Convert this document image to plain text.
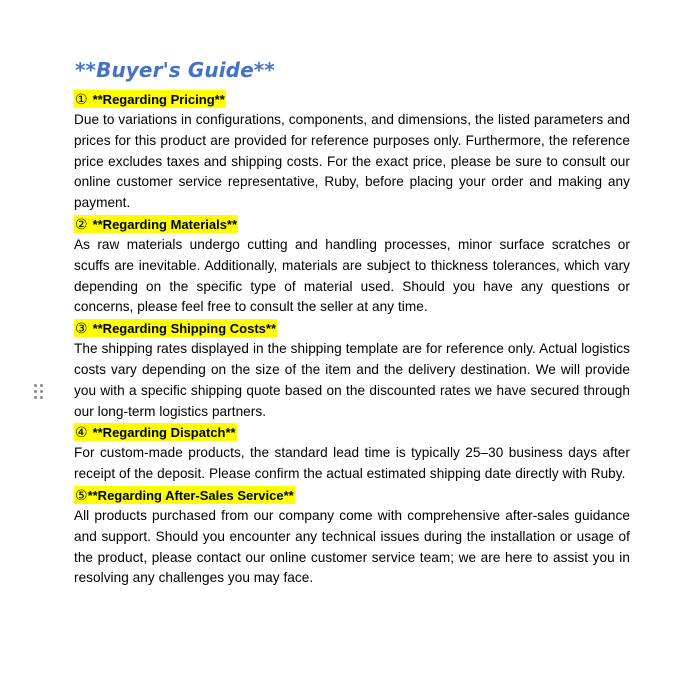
**Buyer's Guide**

① **Regarding Pricing**

Due to variations in configurations, components, and dimensions, the listed parameters and prices for this product are provided for reference purposes only. Furthermore, the reference price excludes taxes and shipping costs. For the exact price, please be sure to consult our online customer service representative, Ruby, before placing your order and making any payment.

② **Regarding Materials**

As raw materials undergo cutting and handling processes, minor surface scratches or scuffs are inevitable. Additionally, materials are subject to thickness tolerances, which vary depending on the specific type of material used. Should you have any questions or concerns, please feel free to consult the seller at any time.

③ **Regarding Shipping Costs**

The shipping rates displayed in the shipping template are for reference only. Actual logistics costs vary depending on the size of the item and the delivery destination. We will provide you with a specific shipping quote based on the discounted rates we have secured through our long-term logistics partners.

④ **Regarding Dispatch**

For custom-made products, the standard lead time is typically 25–30 business days after receipt of the deposit. Please confirm the actual estimated shipping date directly with Ruby.

⑤**Regarding After-Sales Service**

All products purchased from our company come with comprehensive after-sales guidance and support. Should you encounter any technical issues during the installation or usage of the product, please contact our online customer service team; we are here to assist you in resolving any challenges you may face.
